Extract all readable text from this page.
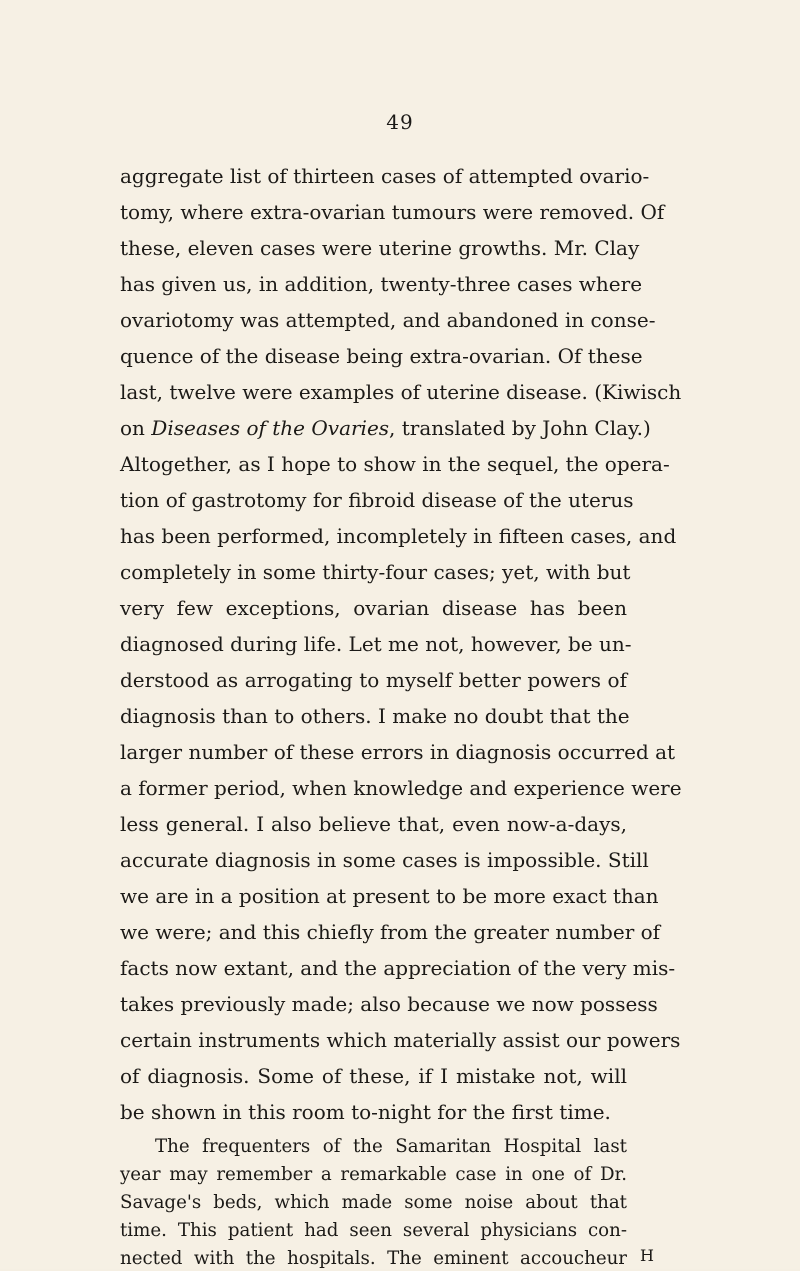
49
aggregate list of thirteen cases of attempted ovario-
tomy, where extra-ovarian tumours were removed. Of
these, eleven cases were uterine growths. Mr. Clay
has given us, in addition, twenty-three cases where
ovariotomy was attempted, and abandoned in conse-
quence of the disease being extra-ovarian. Of these
last, twelve were examples of uterine disease. (Kiwisch
on Diseases of the Ovaries, translated by John Clay.)
Altogether, as I hope to show in the sequel, the opera-
tion of gastrotomy for fibroid disease of the uterus
has been performed, incompletely in fifteen cases, and
completely in some thirty-four cases; yet, with but
very few exceptions, ovarian disease has been
diagnosed during life. Let me not, however, be un-
derstood as arrogating to myself better powers of
diagnosis than to others. I make no doubt that the
larger number of these errors in diagnosis occurred at
a former period, when knowledge and experience were
less general. I also believe that, even now-a-days,
accurate diagnosis in some cases is impossible. Still
we are in a position at present to be more exact than
we were; and this chiefly from the greater number of
facts now extant, and the appreciation of the very mis-
takes previously made; also because we now possess
certain instruments which materially assist our powers
of diagnosis. Some of these, if I mistake not, will
be shown in this room to-night for the first time.
The frequenters of the Samaritan Hospital last
year may remember a remarkable case in one of Dr.
Savage's beds, which made some noise about that
time. This patient had seen several physicians con-
nected with the hospitals. The eminent accoucheur H
